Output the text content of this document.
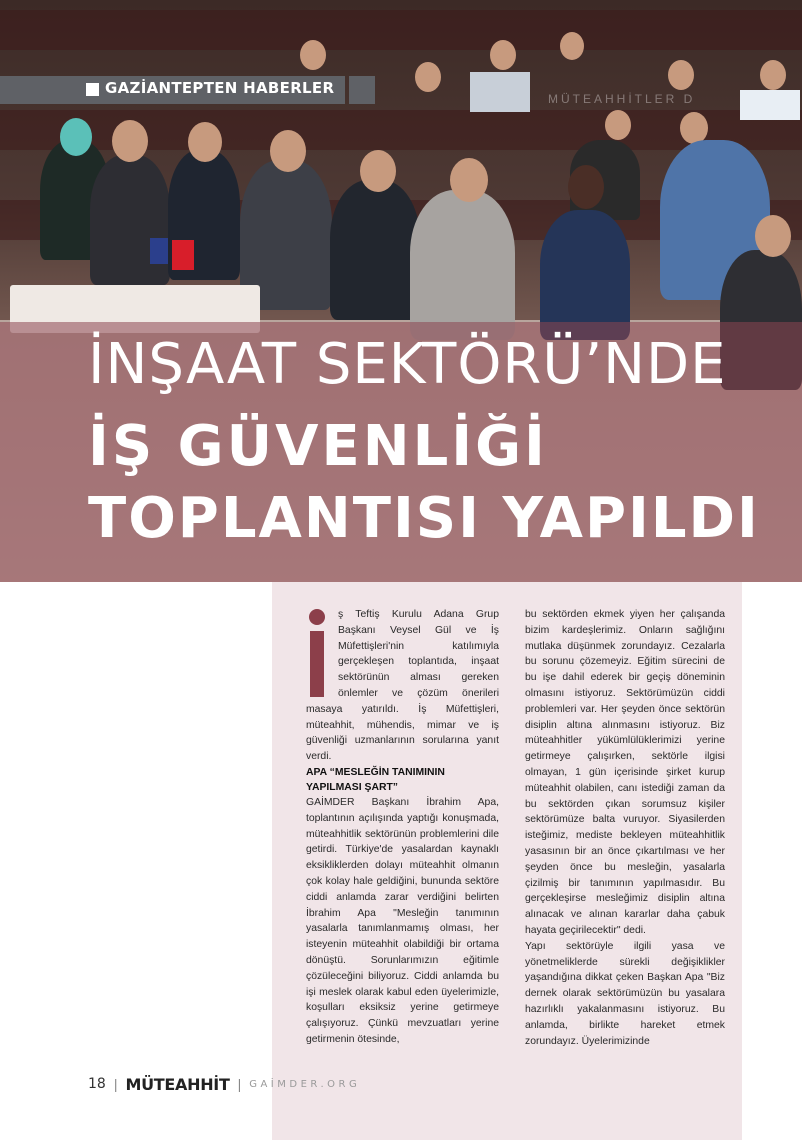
MÜTEAHHİTLER D
GAZİANTEPTEN HABERLER
İNŞAAT SEKTÖRÜ’NDE
İŞ GÜVENLİĞİ
TOPLANTISI YAPILDI

ş Teftiş Kurulu Adana Grup Başkanı Veysel Gül ve İş Müfettişleri'nin katılımıyla gerçekleşen toplantıda, inşaat sektörünün alması gereken önlemler ve çözüm önerileri masaya yatırıldı. İş Müfettişleri, müteahhit, mühendis, mimar ve iş güvenliği uzmanlarının sorularına yanıt verdi.

APA “MESLEĞİN TANIMININ YAPILMASI ŞART”

GAİMDER Başkanı İbrahim Apa, toplantının açılışında yaptığı konuşmada, müteahhitlik sektörünün problemlerini dile getirdi. Türkiye'de yasalardan kaynaklı eksikliklerden dolayı müteahhit olmanın çok kolay hale geldiğini, bununda sektöre ciddi anlamda zarar verdiğini belirten İbrahim Apa "Mesleğin tanımının yasalarla tanımlanmamış olması, her isteyenin müteahhit olabildiği bir ortama dönüştü. Sorunlarımızın eğitimle çözüleceğini biliyoruz. Ciddi anlamda bu işi meslek olarak kabul eden üyelerimizle, koşulları eksiksiz yerine getirmeye çalışıyoruz. Çünkü mevzuatları yerine getirmenin ötesinde,

bu sektörden ekmek yiyen her çalışanda bizim kardeşlerimiz. Onların sağlığını mutlaka düşünmek zorundayız. Cezalarla bu sorunu çözemeyiz. Eğitim sürecini de bu işe dahil ederek bir geçiş döneminin olmasını istiyoruz. Sektörümüzün ciddi problemleri var. Her şeyden önce sektörün disiplin altına alınmasını istiyoruz. Biz müteahhitler yükümlülüklerimizi yerine getirmeye çalışırken, sektörle ilgisi olmayan, 1 gün içerisinde şirket kurup müteahhit olabilen, canı istediği zaman da bu sektörden çıkan sorumsuz kişiler sektörümüze balta vuruyor. Siyasilerden isteğimiz, mediste bekleyen müteahhitlik yasasının bir an önce çıkartılması ve her şeyden önce bu mesleğin, yasalarla çizilmiş bir tanımının yapılmasıdır. Bu gerçekleşirse mesleğimiz disiplin altına alınacak ve alınan kararlar daha çabuk hayata geçirilecektir" dedi.

Yapı sektörüyle ilgili yasa ve yönetmeliklerde sürekli değişiklikler yaşandığına dikkat çeken Başkan Apa "Biz dernek olarak sektörümüzün bu yasalara hazırlıklı yakalanmasını istiyoruz. Bu anlamda, birlikte hareket etmek zorundayız. Üyelerimizinde

18 | MÜTEAHHİT | GAİMDER.ORG
